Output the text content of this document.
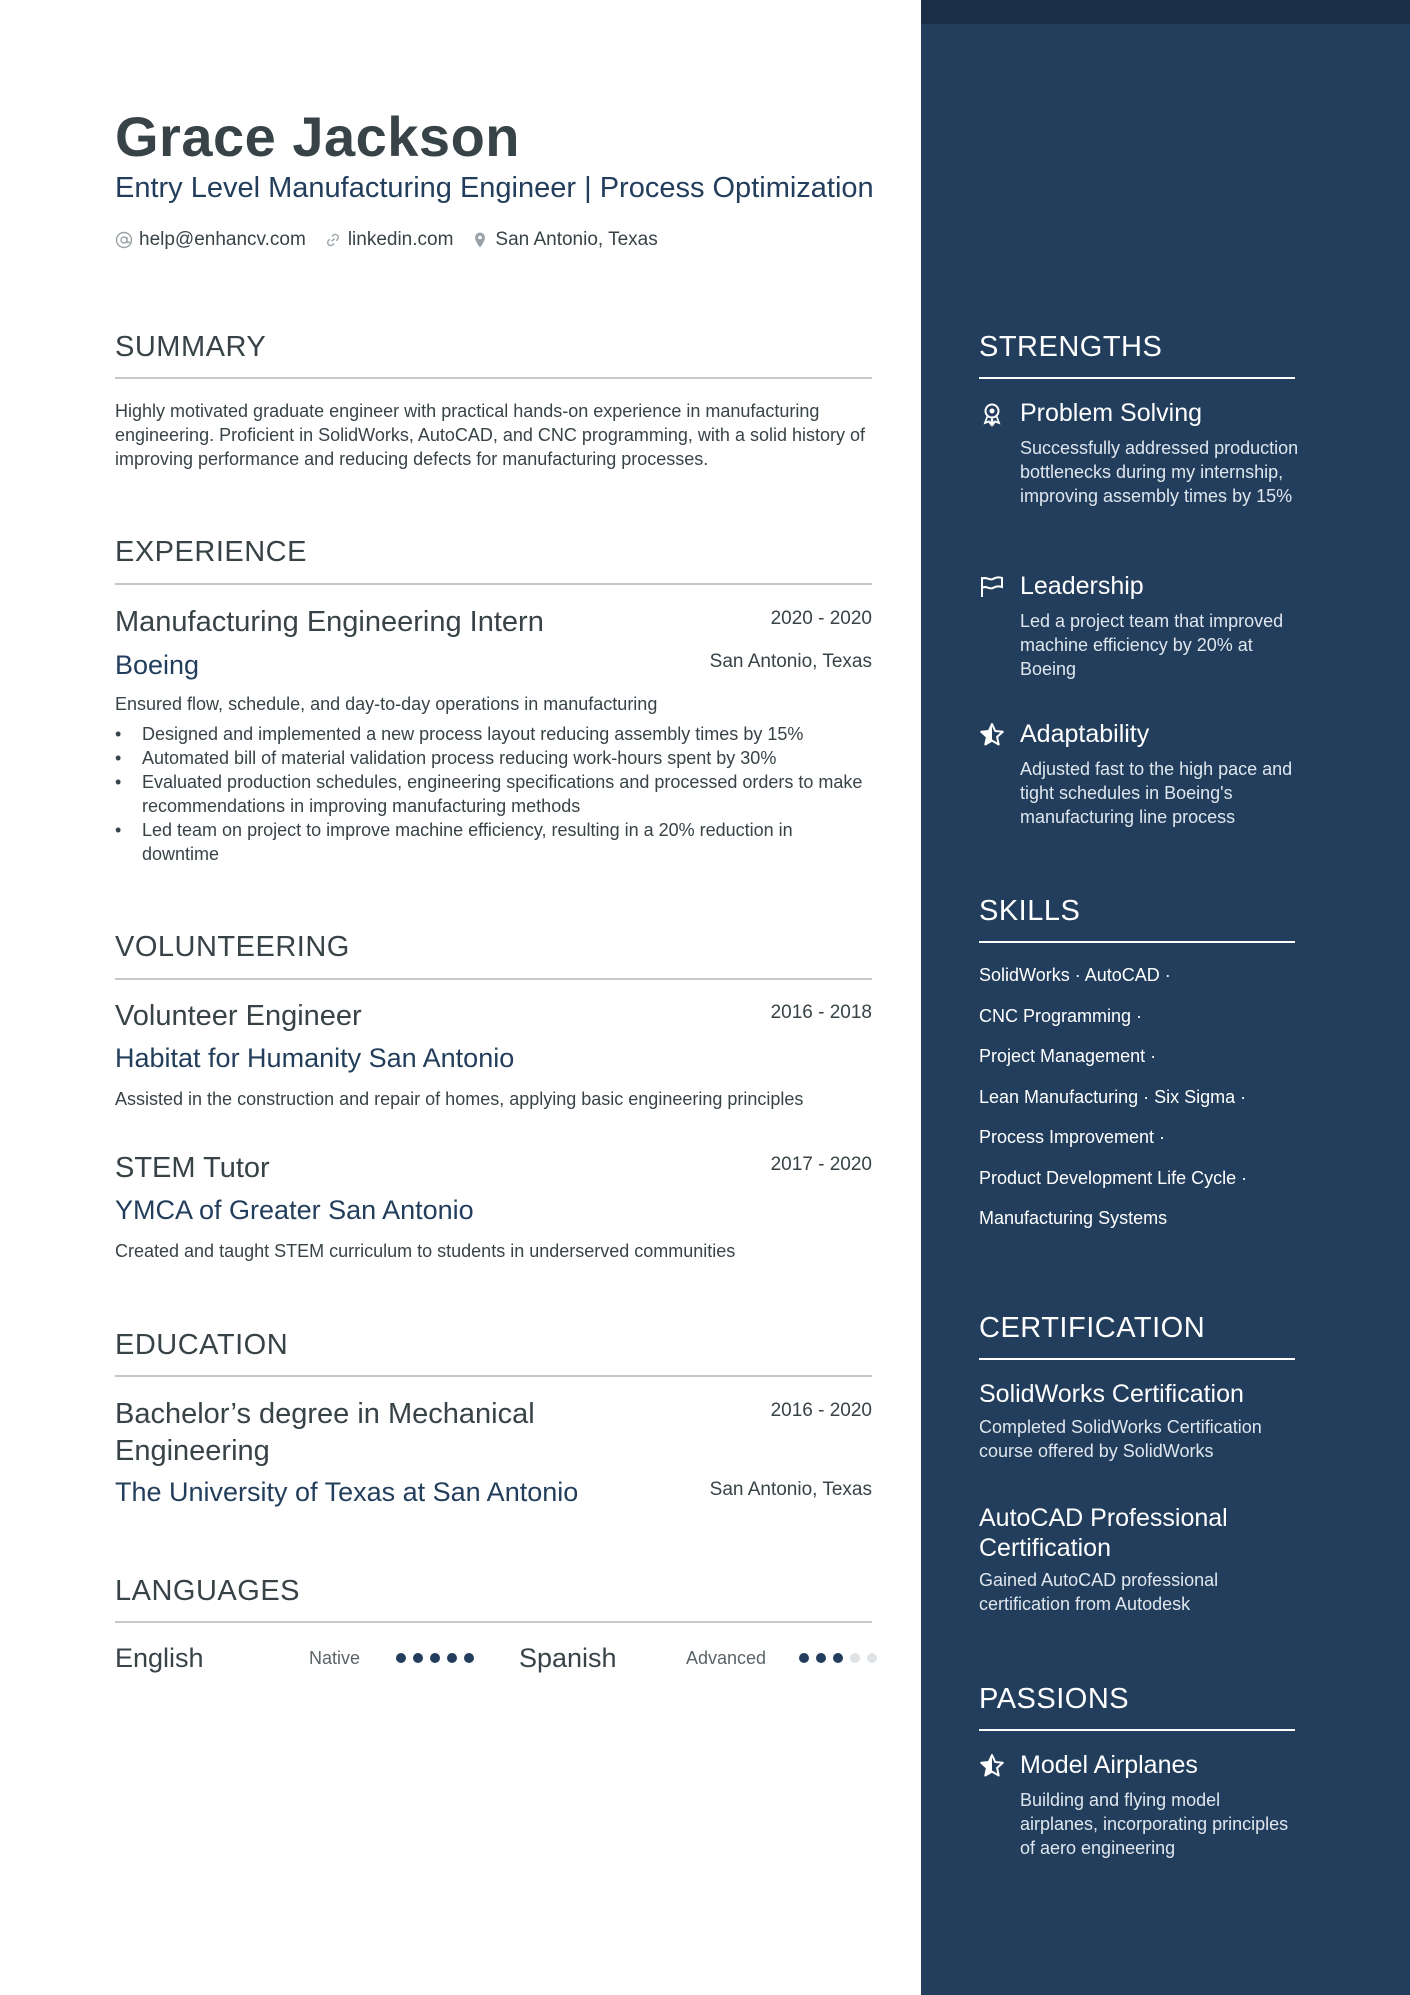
Grace Jackson
Entry Level Manufacturing Engineer | Process Optimization
help@enhancv.com linkedin.com San Antonio, Texas
SUMMARY
Highly motivated graduate engineer with practical hands-on experience in manufacturing engineering. Proficient in SolidWorks, AutoCAD, and CNC programming, with a solid history of improving performance and reducing defects for manufacturing processes.
EXPERIENCE
Manufacturing Engineering Intern	2020 - 2020
Boeing	San Antonio, Texas
Ensured flow, schedule, and day-to-day operations in manufacturing
• Designed and implemented a new process layout reducing assembly times by 15%
• Automated bill of material validation process reducing work-hours spent by 30%
• Evaluated production schedules, engineering specifications and processed orders to make recommendations in improving manufacturing methods
• Led team on project to improve machine efficiency, resulting in a 20% reduction in downtime
VOLUNTEERING
Volunteer Engineer	2016 - 2018
Habitat for Humanity San Antonio
Assisted in the construction and repair of homes, applying basic engineering principles
STEM Tutor	2017 - 2020
YMCA of Greater San Antonio
Created and taught STEM curriculum to students in underserved communities
EDUCATION
Bachelor’s degree in Mechanical
Engineering
2016 - 2020
The University of Texas at San Antonio	San Antonio, Texas
LANGUAGES
English	Native	Spanish	Advanced
STRENGTHS
Problem Solving
Successfully addressed production bottlenecks during my internship, improving assembly times by 15%
Leadership
Led a project team that improved machine efficiency by 20% at Boeing
Adaptability
Adjusted fast to the high pace and tight schedules in Boeing's manufacturing line process
SKILLS
SolidWorks · AutoCAD ·
CNC Programming ·
Project Management ·
Lean Manufacturing · Six Sigma ·
Process Improvement ·
Product Development Life Cycle ·
Manufacturing Systems
CERTIFICATION
SolidWorks Certification
Completed SolidWorks Certification course offered by SolidWorks
AutoCAD Professional Certification
Gained AutoCAD professional certification from Autodesk
PASSIONS
Model Airplanes
Building and flying model airplanes, incorporating principles of aero engineering
